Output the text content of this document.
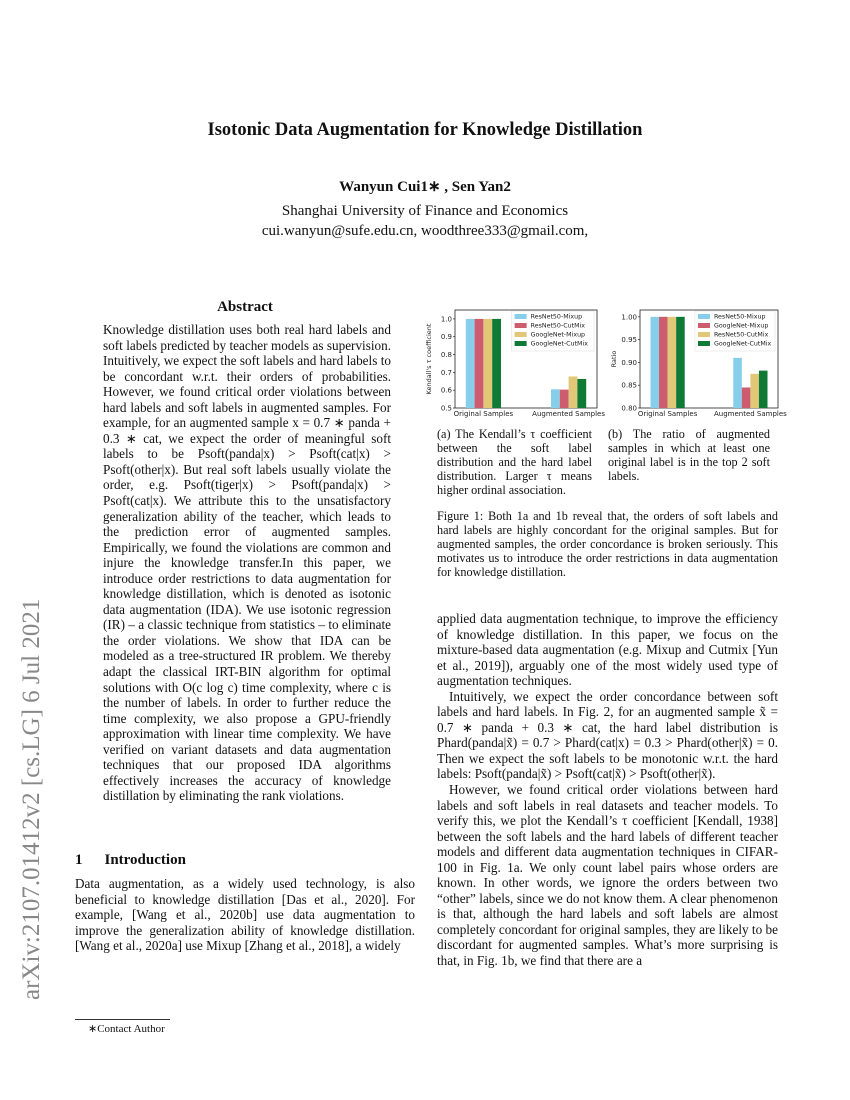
arXiv:2107.01412v2 [cs.LG] 6 Jul 2021
Isotonic Data Augmentation for Knowledge Distillation
Wanyun Cui1∗ , Sen Yan2
Shanghai University of Finance and Economics
cui.wanyun@sufe.edu.cn, woodthree333@gmail.com,
Abstract
Knowledge distillation uses both real hard labels and soft labels predicted by teacher models as supervision. Intuitively, we expect the soft labels and hard labels to be concordant w.r.t. their orders of probabilities. However, we found critical order violations between hard labels and soft labels in augmented samples. For example, for an augmented sample x = 0.7 ∗ panda + 0.3 ∗ cat, we expect the order of meaningful soft labels to be Psoft(panda|x) > Psoft(cat|x) > Psoft(other|x). But real soft labels usually violate the order, e.g. Psoft(tiger|x) > Psoft(panda|x) > Psoft(cat|x). We attribute this to the unsatisfactory generalization ability of the teacher, which leads to the prediction error of augmented samples. Empirically, we found the violations are common and injure the knowledge transfer.In this paper, we introduce order restrictions to data augmentation for knowledge distillation, which is denoted as isotonic data augmentation (IDA). We use isotonic regression (IR) – a classic technique from statistics – to eliminate the order violations. We show that IDA can be modeled as a tree-structured IR problem. We thereby adapt the classical IRT-BIN algorithm for optimal solutions with O(c log c) time complexity, where c is the number of labels. In order to further reduce the time complexity, we also propose a GPU-friendly approximation with linear time complexity. We have verified on variant datasets and data augmentation techniques that our proposed IDA algorithms effectively increases the accuracy of knowledge distillation by eliminating the rank violations.
1 Introduction
Data augmentation, as a widely used technology, is also beneficial to knowledge distillation [Das et al., 2020]. For example, [Wang et al., 2020b] use data augmentation to improve the generalization ability of knowledge distillation. [Wang et al., 2020a] use Mixup [Zhang et al., 2018], a widely
∗Contact Author
0.5
0.6
0.7
0.8
0.9
1.0
Kendall's τ coefficient
Original Samples	Augmented Samples
ResNet50-Mixup
ResNet50-CutMix
GoogleNet-Mixup
GoogleNet-CutMix
0.80
0.85
0.90
0.95
1.00
Ratio
Original Samples Augmented Samples
ResNet50-Mixup
GoogleNet-Mixup
ResNet50-CutMix
GoogleNet-CutMix
(a) The Kendall’s τ coefficient between the soft label distribution and the hard label distribution. Larger τ means higher ordinal association.
(b) The ratio of augmented samples in which at least one original label is in the top 2 soft labels.
Figure 1: Both 1a and 1b reveal that, the orders of soft labels and hard labels are highly concordant for the original samples. But for augmented samples, the order concordance is broken seriously. This motivates us to introduce the order restrictions in data augmentation for knowledge distillation.

applied data augmentation technique, to improve the efficiency of knowledge distillation. In this paper, we focus on the mixture-based data augmentation (e.g. Mixup and Cutmix [Yun et al., 2019]), arguably one of the most widely used type of augmentation techniques.

Intuitively, we expect the order concordance between soft labels and hard labels. In Fig. 2, for an augmented sample x̃ = 0.7 ∗ panda + 0.3 ∗ cat, the hard label distribution is Phard(panda|x̃) = 0.7 > Phard(cat|x) = 0.3 > Phard(other|x̃) = 0. Then we expect the soft labels to be monotonic w.r.t. the hard labels: Psoft(panda|x̃) > Psoft(cat|x̃) > Psoft(other|x̃).

However, we found critical order violations between hard labels and soft labels in real datasets and teacher models. To verify this, we plot the Kendall’s τ coefficient [Kendall, 1938] between the soft labels and the hard labels of different teacher models and different data augmentation techniques in CIFAR-100 in Fig. 1a. We only count label pairs whose orders are known. In other words, we ignore the orders between two “other” labels, since we do not know them. A clear phenomenon is that, although the hard labels and soft labels are almost completely concordant for original samples, they are likely to be discordant for augmented samples. What’s more surprising is that, in Fig. 1b, we find that there are a
